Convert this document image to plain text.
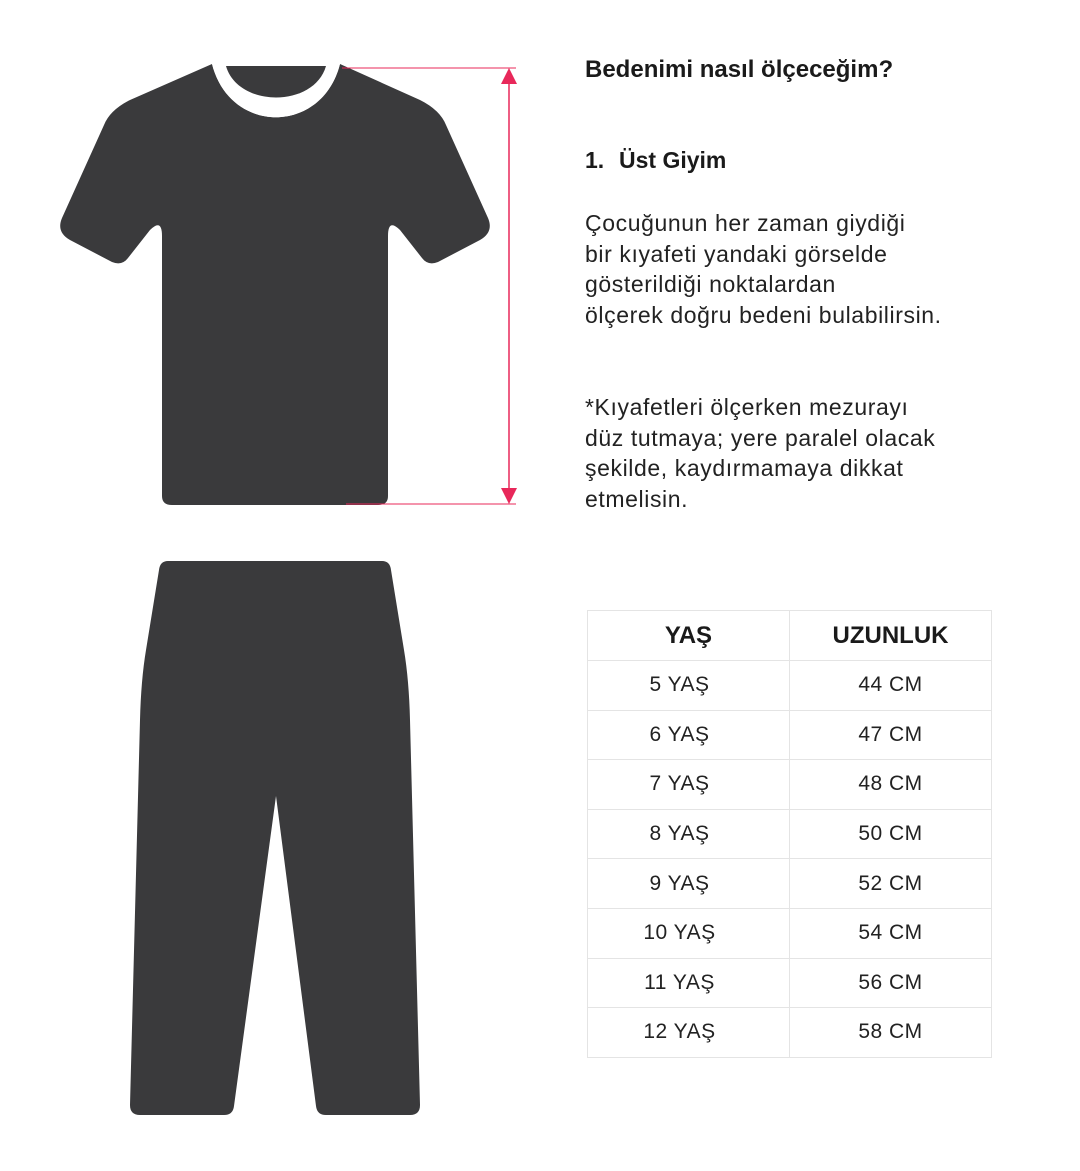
Bedenimi nasıl ölçeceğim?
1. Üst Giyim

Çocuğunun her zaman giydiği
bir kıyafeti yandaki görselde
gösterildiği noktalardan
ölçerek doğru bedeni bulabilirsin.

*Kıyafetleri ölçerken mezurayı
düz tutmaya; yere paralel olacak
şekilde, kaydırmamaya dikkat
etmelisin.

YAŞ	UZUNLUK
5 YAŞ	44 CM
6 YAŞ	47 CM
7 YAŞ	48 CM
8 YAŞ	50 CM
9 YAŞ	52 CM
10 YAŞ	54 CM
11 YAŞ	56 CM
12 YAŞ	58 CM
